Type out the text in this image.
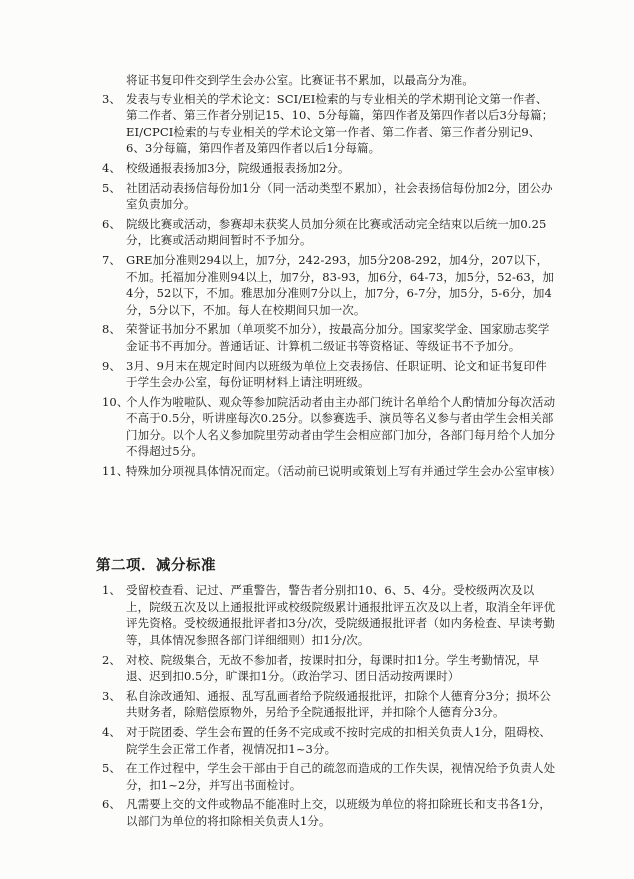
将证书复印件交到学生会办公室。比赛证书不累加，以最高分为准。
3、 发表与专业相关的学术论文：SCI/EI检索的与专业相关的学术期刊论文第一作者、第二作者、第三作者分别记15、10、5分每篇，第四作者及第四作者以后3分每篇；EI/CPCI检索的与专业相关的学术论文第一作者、第二作者、第三作者分别记9、6、3分每篇，第四作者及第四作者以后1分每篇。
4、 校级通报表扬加3分，院级通报表扬加2分。
5、 社团活动表扬信每份加1分（同一活动类型不累加），社会表扬信每份加2分，团公办室负责加分。
6、 院级比赛或活动，参赛却未获奖人员加分须在比赛或活动完全结束以后统一加0.25分，比赛或活动期间暂时不予加分。
7、 GRE加分准则294以上，加7分，242-293，加5分208-292，加4分，207以下，不加。托福加分准则94以上，加7分，83-93，加6分，64-73，加5分，52-63，加4分，52以下，不加。雅思加分准则7分以上，加7分，6-7分，加5分，5-6分，加4分，5分以下，不加。每人在校期间只加一次。
8、 荣誉证书加分不累加（单项奖不加分），按最高分加分。国家奖学金、国家励志奖学金证书不再加分。普通话证、计算机二级证书等资格证、等级证书不予加分。
9、 3月、9月末在规定时间内以班级为单位上交表扬信、任职证明、论文和证书复印件于学生会办公室，每份证明材料上请注明班级。
10、
个人作为啦啦队、观众等参加院活动者由主办部门统计名单给个人酌情加分每次活动不高于0.5分，听讲座每次0.25分。以参赛选手、演员等名义参与者由学生会相关部门加分。以个人名义参加院里劳动者由学生会相应部门加分，各部门每月给个人加分不得超过5分。
11、
特殊加分项视具体情况而定。（活动前已说明或策划上写有并通过学生会办公室审核）
第二项．减分标准
1、 受留校查看、记过、严重警告，警告者分别扣10、6、5、4分。受校级两次及以上，院级五次及以上通报批评或校级院级累计通报批评五次及以上者，取消全年评优评先资格。受校级通报批评者扣3分/次，受院级通报批评者（如内务检查、早读考勤等，具体情况参照各部门详细细则）扣1分/次。
2、 对校、院级集合，无故不参加者，按课时扣分，每课时扣1分。学生考勤情况，早退、迟到扣0.5分，旷课扣1分。（政治学习、团日活动按两课时）
3、 私自涂改通知、通报、乱写乱画者给予院级通报批评，扣除个人德育分3分；损坏公共财务者，除赔偿原物外，另给予全院通报批评，并扣除个人德育分3分。
4、 对于院团委、学生会布置的任务不完成或不按时完成的扣相关负责人1分，阻碍校、院学生会正常工作者，视情况扣1~3分。
5、 在工作过程中，学生会干部由于自己的疏忽而造成的工作失误，视情况给予负责人处分，扣1~2分，并写出书面检讨。
6、 凡需要上交的文件或物品不能准时上交，以班级为单位的将扣除班长和支书各1分，以部门为单位的将扣除相关负责人1分。
